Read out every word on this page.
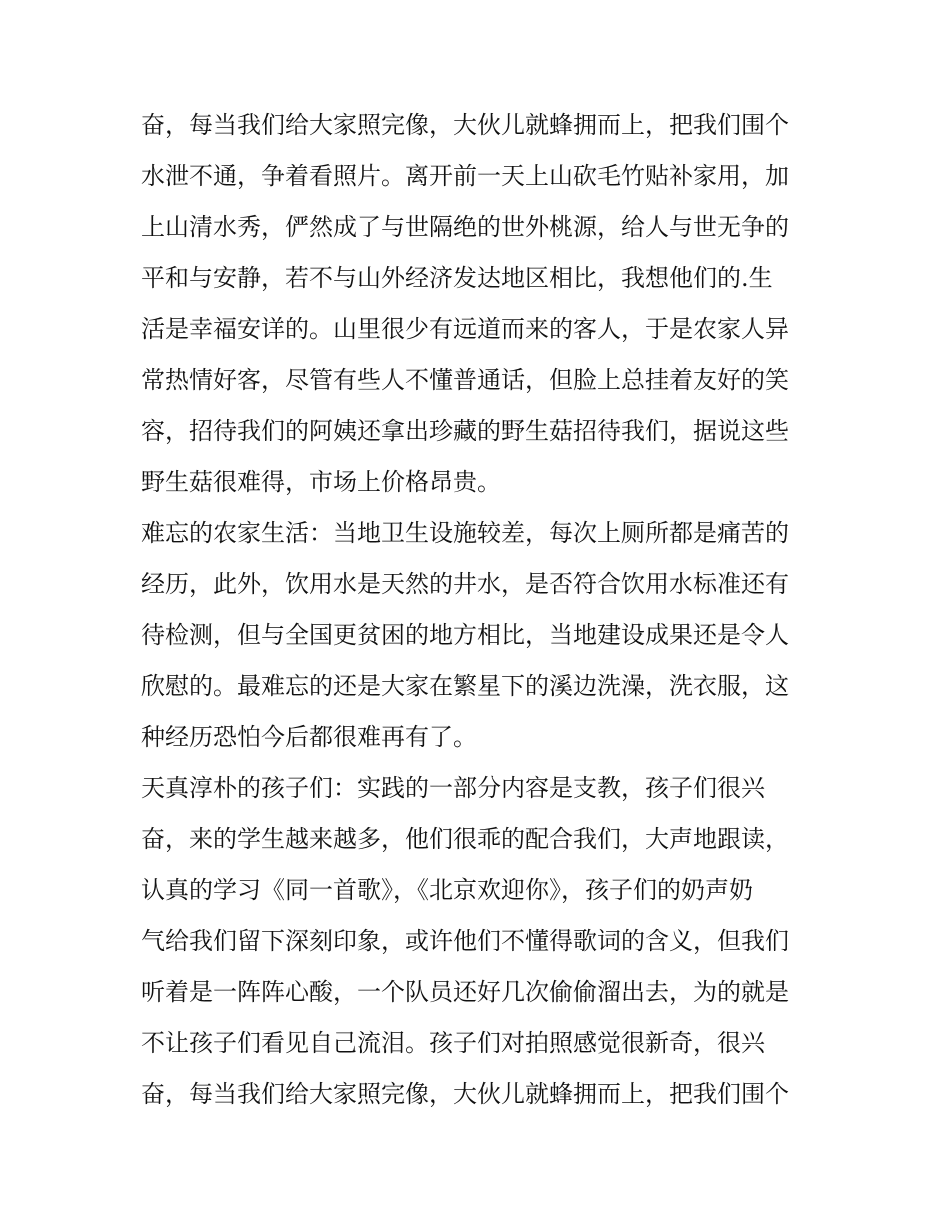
奋，每当我们给大家照完像，大伙儿就蜂拥而上，把我们围个
水泄不通，争着看照片。离开前一天上山砍毛竹贴补家用，加
上山清水秀，俨然成了与世隔绝的世外桃源，给人与世无争的
平和与安静，若不与山外经济发达地区相比，我想他们的.生
活是幸福安详的。山里很少有远道而来的客人，于是农家人异
常热情好客，尽管有些人不懂普通话，但脸上总挂着友好的笑
容，招待我们的阿姨还拿出珍藏的野生菇招待我们，据说这些
野生菇很难得，市场上价格昂贵。
难忘的农家生活：当地卫生设施较差，每次上厕所都是痛苦的
经历，此外，饮用水是天然的井水，是否符合饮用水标准还有
待检测，但与全国更贫困的地方相比，当地建设成果还是令人
欣慰的。最难忘的还是大家在繁星下的溪边洗澡，洗衣服，这
种经历恐怕今后都很难再有了。
天真淳朴的孩子们：实践的一部分内容是支教，孩子们很兴
奋，来的学生越来越多，他们很乖的配合我们，大声地跟读，
认真的学习《同一首歌》，《北京欢迎你》，孩子们的奶声奶
气给我们留下深刻印象，或许他们不懂得歌词的含义，但我们
听着是一阵阵心酸，一个队员还好几次偷偷溜出去，为的就是
不让孩子们看见自己流泪。孩子们对拍照感觉很新奇，很兴
奋，每当我们给大家照完像，大伙儿就蜂拥而上，把我们围个
